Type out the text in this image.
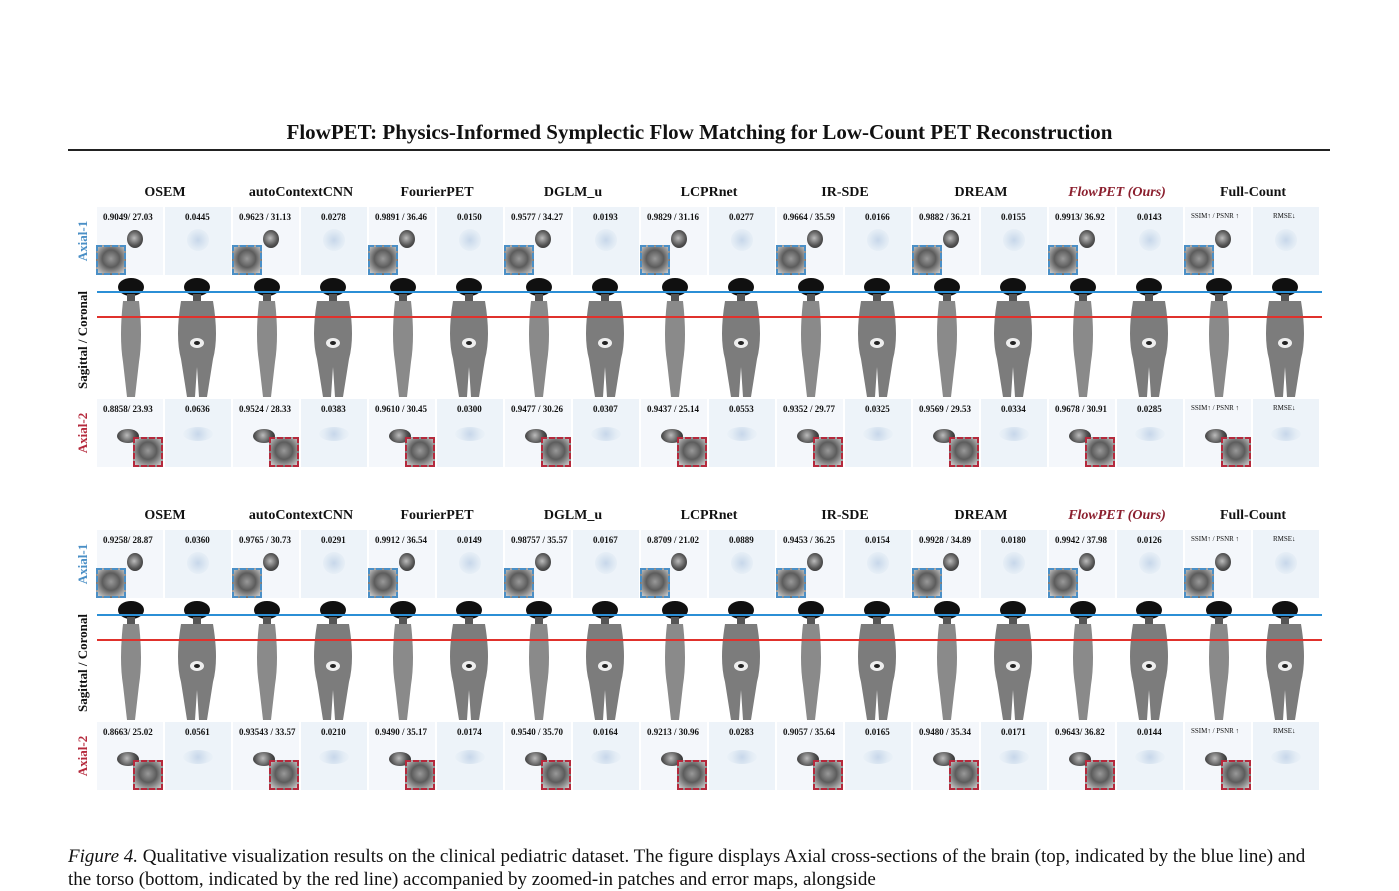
FlowPET: Physics-Informed Symplectic Flow Matching for Low-Count PET Reconstruction
OSEM	autoContextCNN	FourierPET	DGLM_u	LCPRnet	IR-SDE	DREAM	FlowPET (Ours)	Full-Count
Axial-1
Sagittal / Coronal
Axial-2
0.9049/ 27.03	0.0445	0.9623 / 31.13	0.0278	0.9891 / 36.46	0.0150	0.9577 / 34.27	0.0193	0.9829 / 31.16	0.0277	0.9664 / 35.59	0.0166	0.9882 / 36.21	0.0155	0.9913/ 36.92	0.0143	SSIM↑ / PSNR ↑	RMSE↓
0.8858/ 23.93	0.0636	0.9524 / 28.33	0.0383	0.9610 / 30.45	0.0300	0.9477 / 30.26	0.0307	0.9437 / 25.14	0.0553	0.9352 / 29.77	0.0325	0.9569 / 29.53	0.0334	0.9678 / 30.91	0.0285	SSIM↑ / PSNR ↑	RMSE↓
OSEM	autoContextCNN	FourierPET	DGLM_u	LCPRnet	IR-SDE	DREAM	FlowPET (Ours)	Full-Count
Axial-1
Sagittal / Coronal
Axial-2
0.9258/ 28.87	0.0360	0.9765 / 30.73	0.0291	0.9912 / 36.54	0.0149	0.98757 / 35.57	0.0167	0.8709 / 21.02	0.0889	0.9453 / 36.25	0.0154	0.9928 / 34.89	0.0180	0.9942 / 37.98	0.0126	SSIM↑ / PSNR ↑	RMSE↓
0.8663/ 25.02	0.0561	0.93543 / 33.57	0.0210	0.9490 / 35.17	0.0174	0.9540 / 35.70	0.0164	0.9213 / 30.96	0.0283	0.9057 / 35.64	0.0165	0.9480 / 35.34	0.0171	0.9643/ 36.82	0.0144	SSIM↑ / PSNR ↑	RMSE↓
Figure 4. Qualitative visualization results on the clinical pediatric dataset. The figure displays Axial cross-sections of the brain (top, indicated by the blue line) and the torso (bottom, indicated by the red line) accompanied by zoomed-in patches and error maps, alongside
